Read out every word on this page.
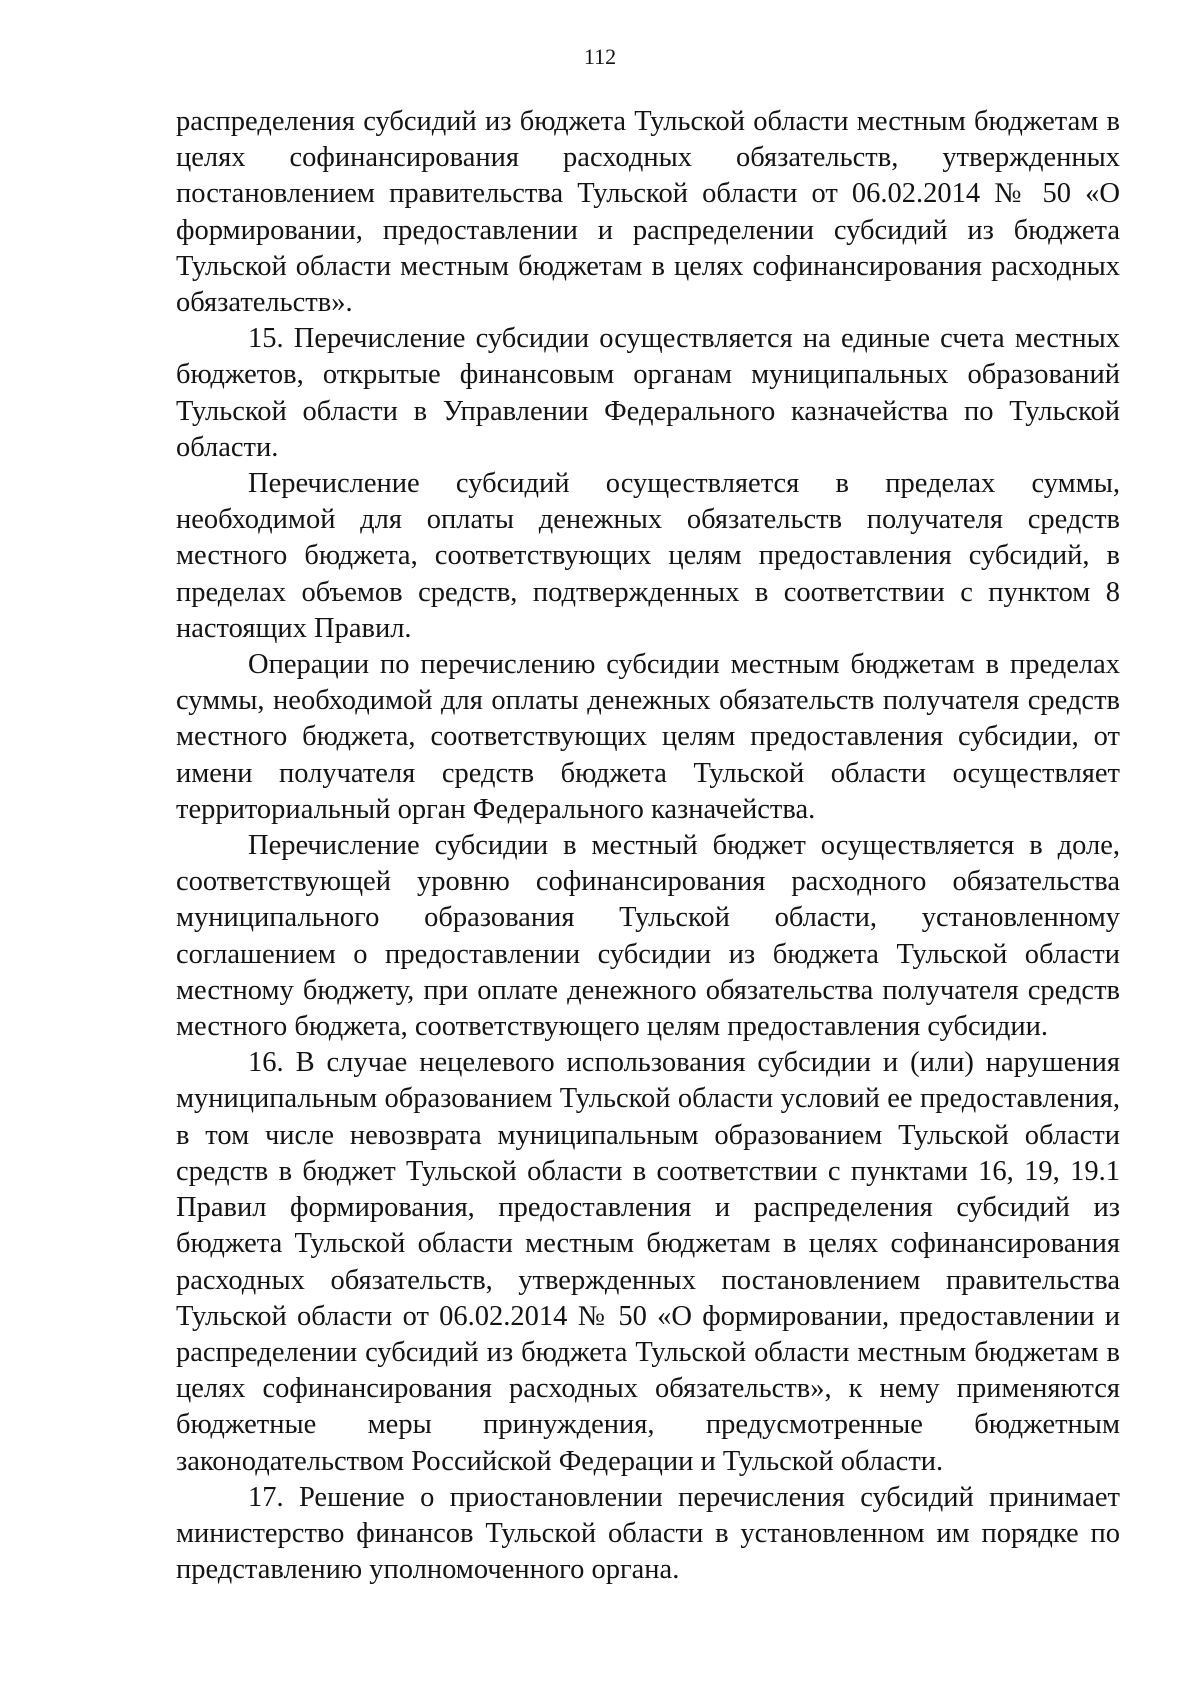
112

распределения субсидий из бюджета Тульской области местным бюджетам в целях софинансирования расходных обязательств, утвержденных постановлением правительства Тульской области от 06.02.2014 № 50 «О формировании, предоставлении и распределении субсидий из бюджета Тульской области местным бюджетам в целях софинансирования расходных обязательств».

15. Перечисление субсидии осуществляется на единые счета местных бюджетов, открытые финансовым органам муниципальных образований Тульской области в Управлении Федерального казначейства по Тульской области.

Перечисление субсидий осуществляется в пределах суммы, необходимой для оплаты денежных обязательств получателя средств местного бюджета, соответствующих целям предоставления субсидий, в пределах объемов средств, подтвержденных в соответствии с пунктом 8 настоящих Правил.

Операции по перечислению субсидии местным бюджетам в пределах суммы, необходимой для оплаты денежных обязательств получателя средств местного бюджета, соответствующих целям предоставления субсидии, от имени получателя средств бюджета Тульской области осуществляет территориальный орган Федерального казначейства.

Перечисление субсидии в местный бюджет осуществляется в доле, соответствующей уровню софинансирования расходного обязательства муниципального образования Тульской области, установленному соглашением о предоставлении субсидии из бюджета Тульской области местному бюджету, при оплате денежного обязательства получателя средств местного бюджета, соответствующего целям предоставления субсидии.

16. В случае нецелевого использования субсидии и (или) нарушения муниципальным образованием Тульской области условий ее предоставления, в том числе невозврата муниципальным образованием Тульской области средств в бюджет Тульской области в соответствии с пунктами 16, 19, 19.1 Правил формирования, предоставления и распределения субсидий из бюджета Тульской области местным бюджетам в целях софинансирования расходных обязательств, утвержденных постановлением правительства Тульской области от 06.02.2014 № 50 «О формировании, предоставлении и распределении субсидий из бюджета Тульской области местным бюджетам в целях софинансирования расходных обязательств», к нему применяются бюджетные меры принуждения, предусмотренные бюджетным законодательством Российской Федерации и Тульской области.

17. Решение о приостановлении перечисления субсидий принимает министерство финансов Тульской области в установленном им порядке по представлению уполномоченного органа.
